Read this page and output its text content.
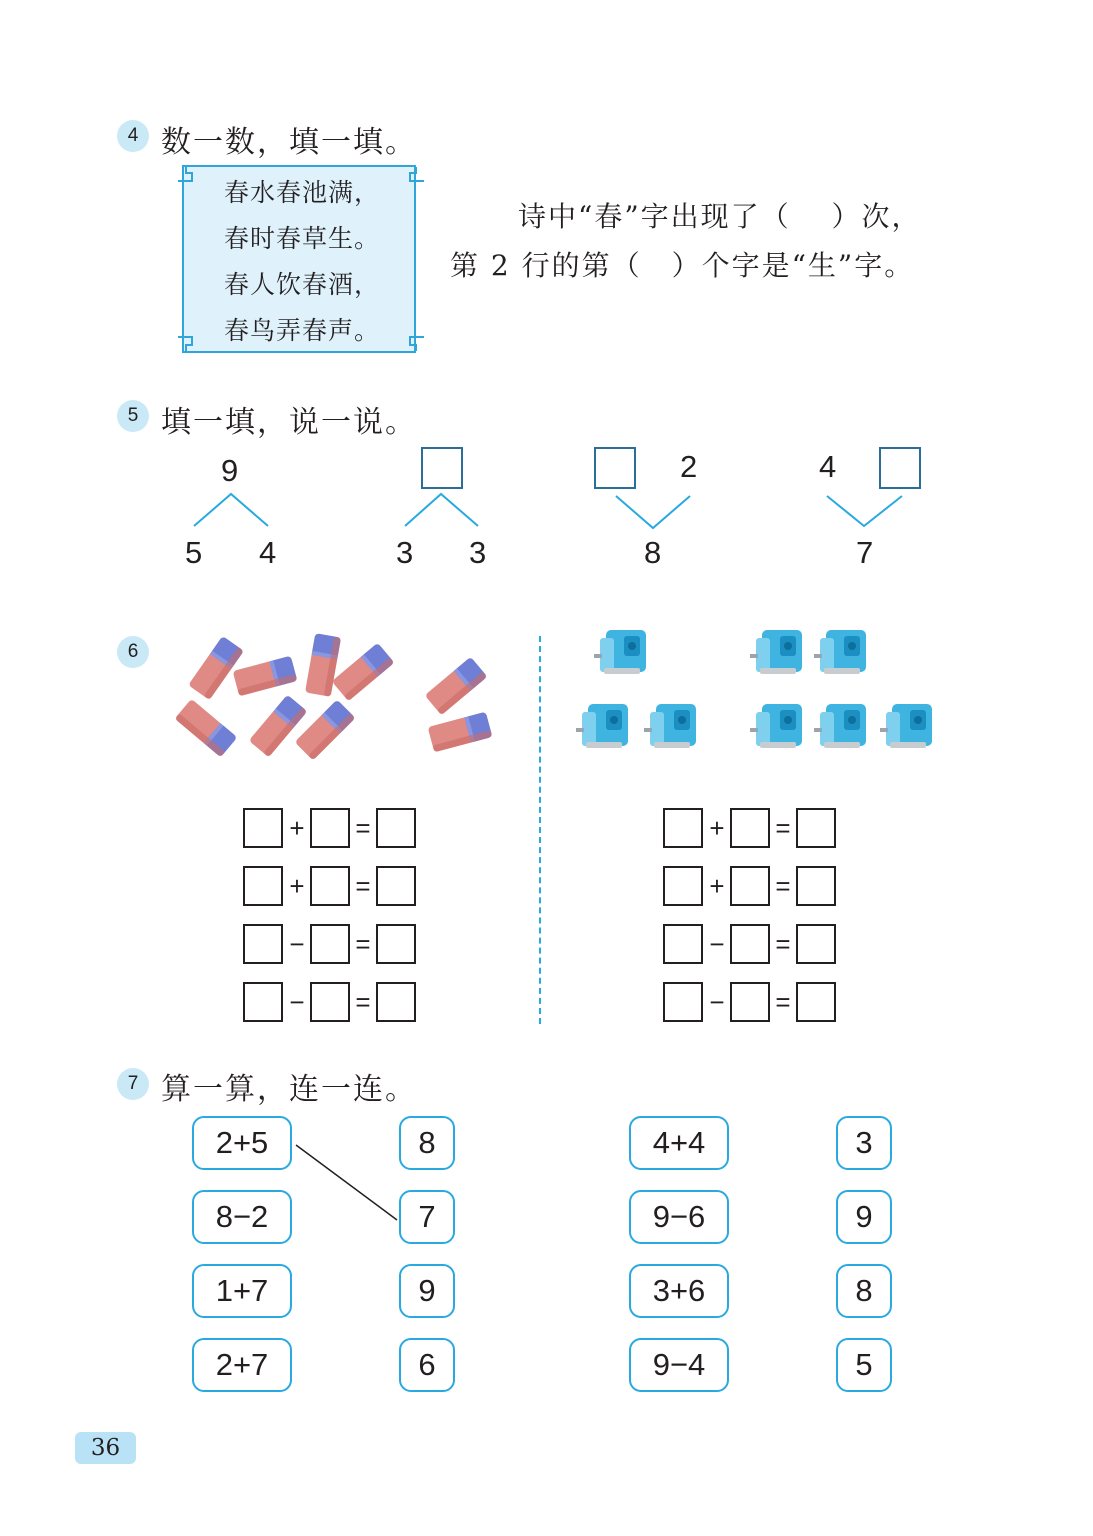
4 数一数，填一填。
春水春池满，
春时春草生。
春人饮春酒，
春鸟弄春声。
诗中“春”字出现了（　 ）次，
第 2 行的第（　）个字是“生”字。
5 填一填，说一说。
9
5 4	3 3
2
8
4
7
6
+ =
+ =
− =
− =
+ =
+ =
− =
− =
7 算一算，连一连。
2+5
8−2
1+7
2+7
8
7
9
6
4+4
9−6
3+6
9−4
3
9
8
5
36
